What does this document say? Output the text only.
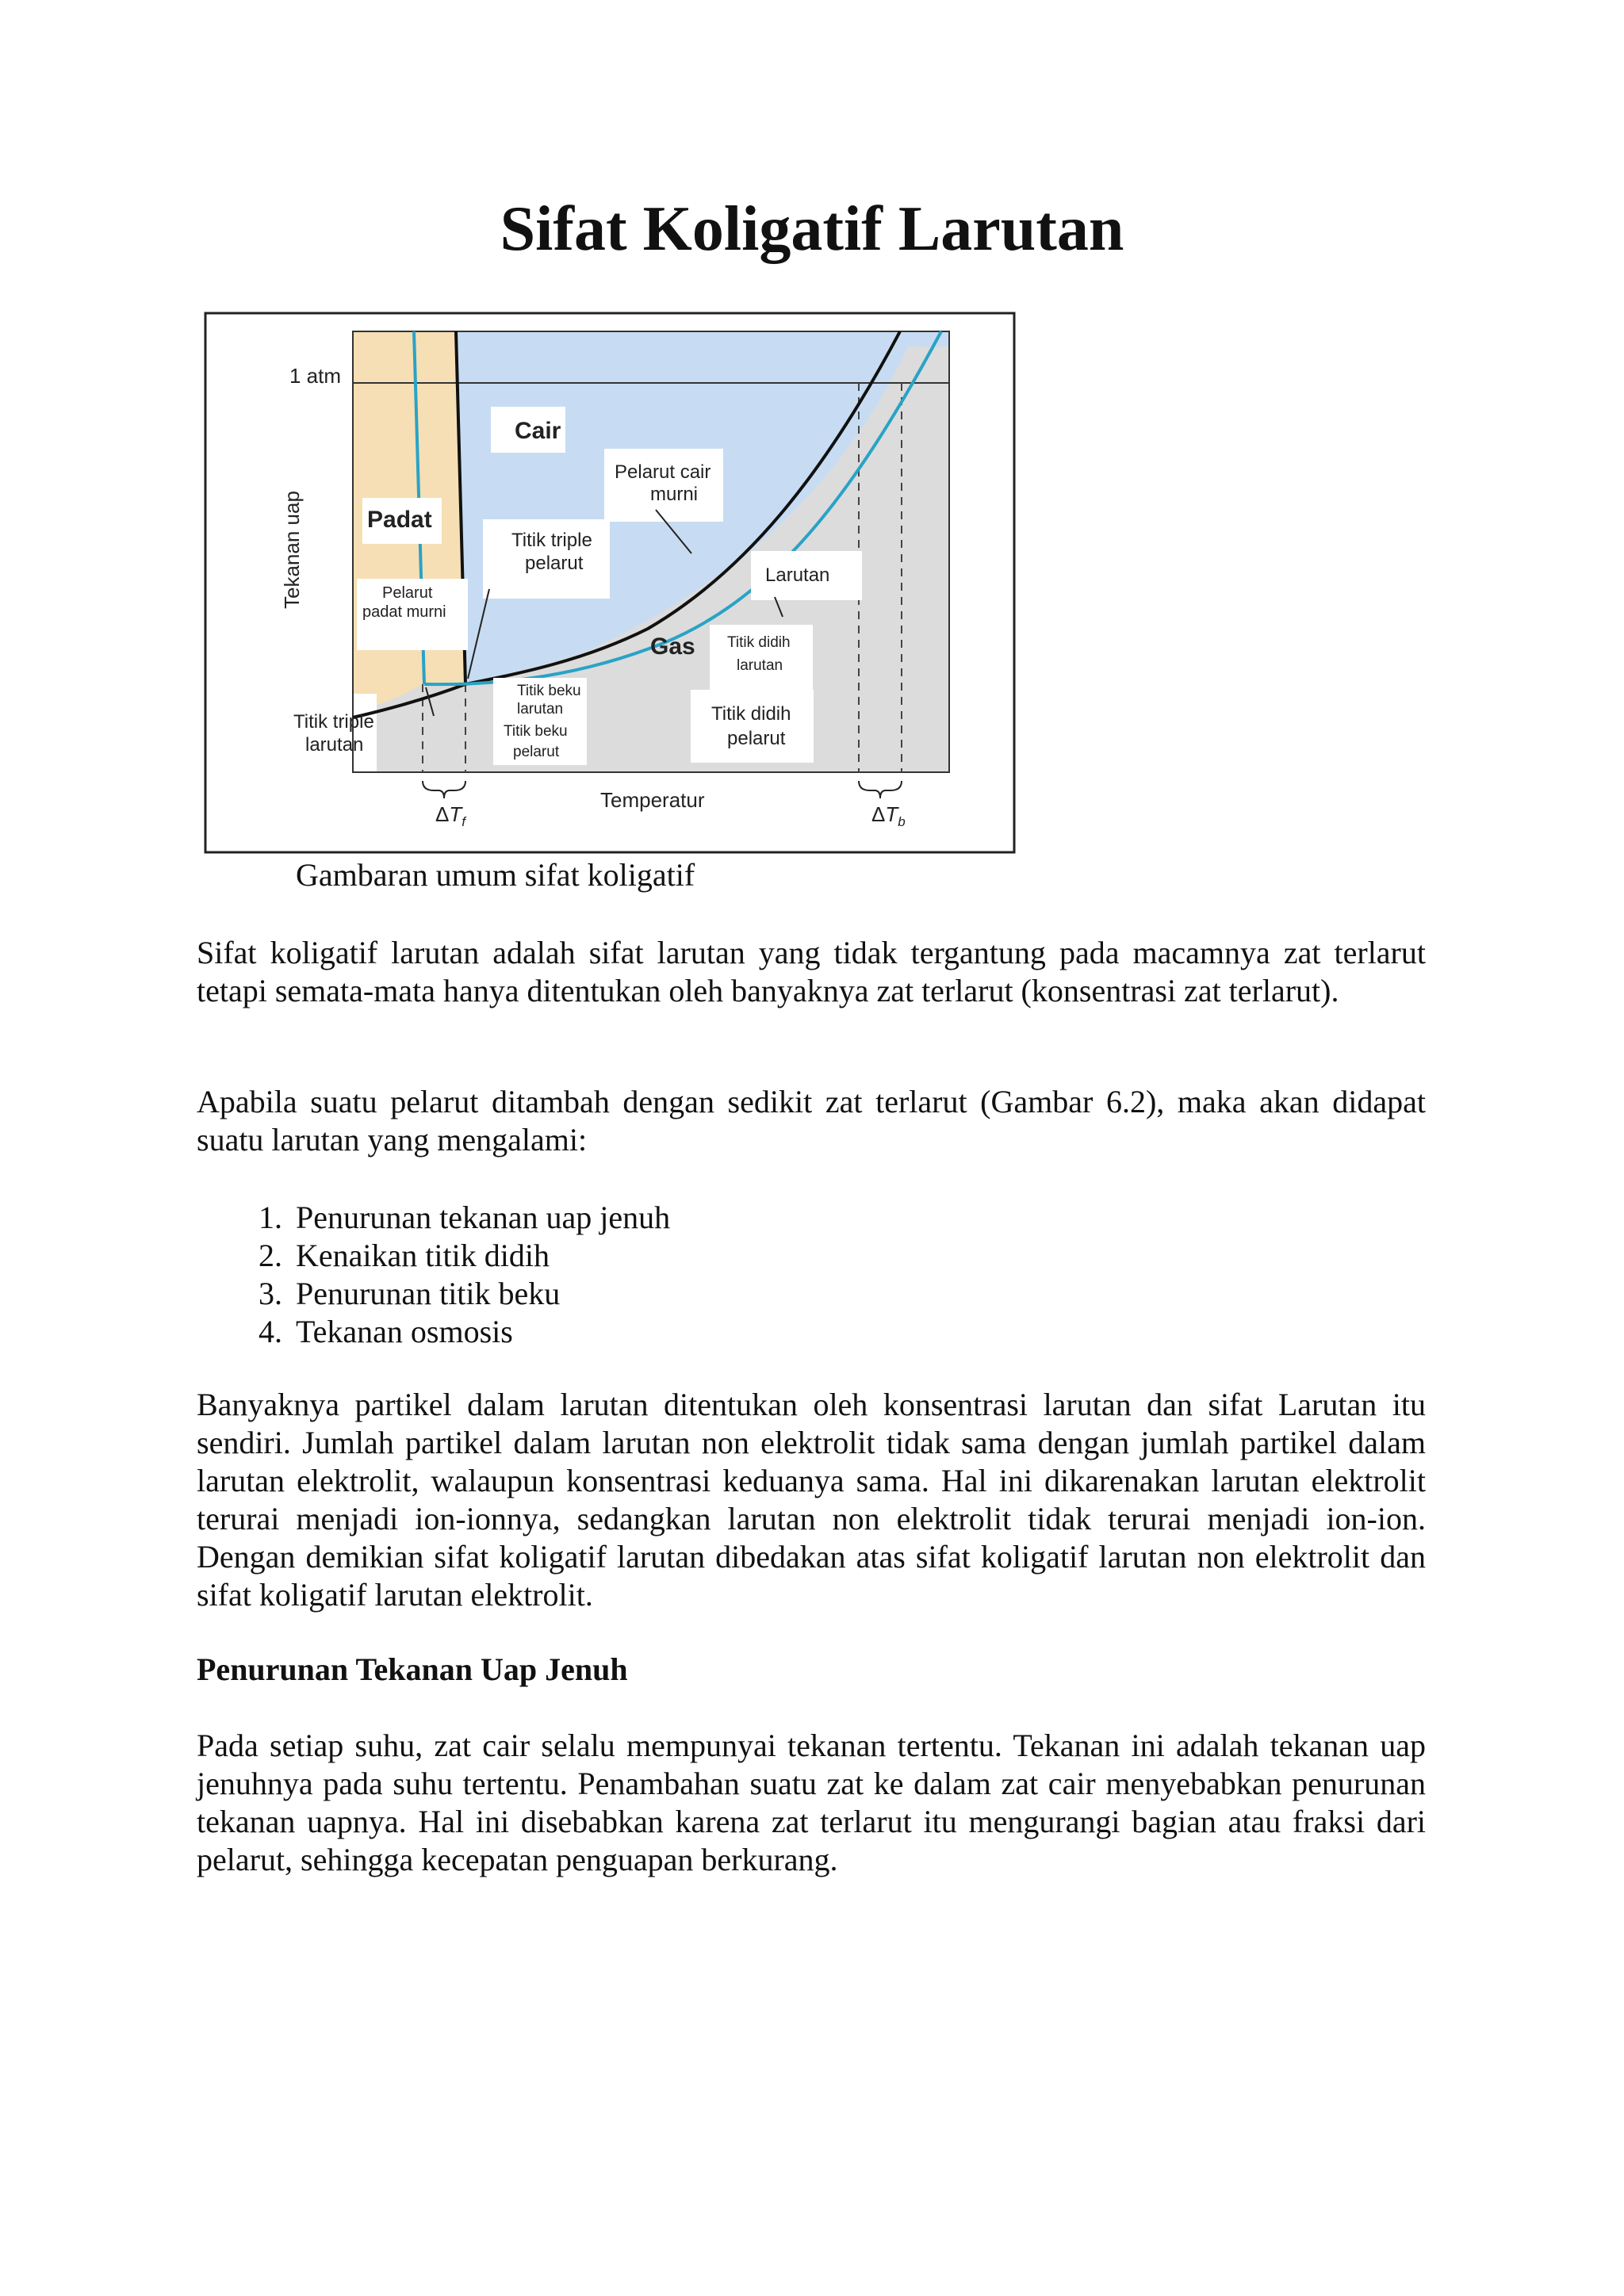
Sifat Koligatif Larutan
1 atm
Tekanan uap
Temperatur
Cair
Padat
Gas
Pelarut cair
murni
Titik triple
pelarut
Larutan
Pelarut
padat murni
Titik didih
larutan
Titik didih
pelarut
Titik beku
larutan
Titik beku
pelarut
Titik triple
larutan
$\Delta T_f$	$\Delta T_b$

Gambaran umum sifat koligatif

Sifat koligatif larutan adalah sifat larutan yang tidak tergantung pada macamnya zat terlarut tetapi semata-mata hanya ditentukan oleh banyaknya zat terlarut (konsentrasi zat terlarut).

Apabila suatu pelarut ditambah dengan sedikit zat terlarut (Gambar 6.2), maka akan didapat suatu larutan yang mengalami:

1. Penurunan tekanan uap jenuh
2. Kenaikan titik didih
3. Penurunan titik beku
4. Tekanan osmosis

Banyaknya partikel dalam larutan ditentukan oleh konsentrasi larutan dan sifat Larutan itu sendiri. Jumlah partikel dalam larutan non elektrolit tidak sama dengan jumlah partikel dalam larutan elektrolit, walaupun konsentrasi keduanya sama. Hal ini dikarenakan larutan elektrolit terurai menjadi ion-ionnya, sedangkan larutan non elektrolit tidak terurai menjadi ion-ion. Dengan demikian sifat koligatif larutan dibedakan atas sifat koligatif larutan non elektrolit dan sifat koligatif larutan elektrolit.

Penurunan Tekanan Uap Jenuh

Pada setiap suhu, zat cair selalu mempunyai tekanan tertentu. Tekanan ini adalah tekanan uap jenuhnya pada suhu tertentu. Penambahan suatu zat ke dalam zat cair menyebabkan penurunan tekanan uapnya. Hal ini disebabkan karena zat terlarut itu mengurangi bagian atau fraksi dari pelarut, sehingga kecepatan penguapan berkurang.
